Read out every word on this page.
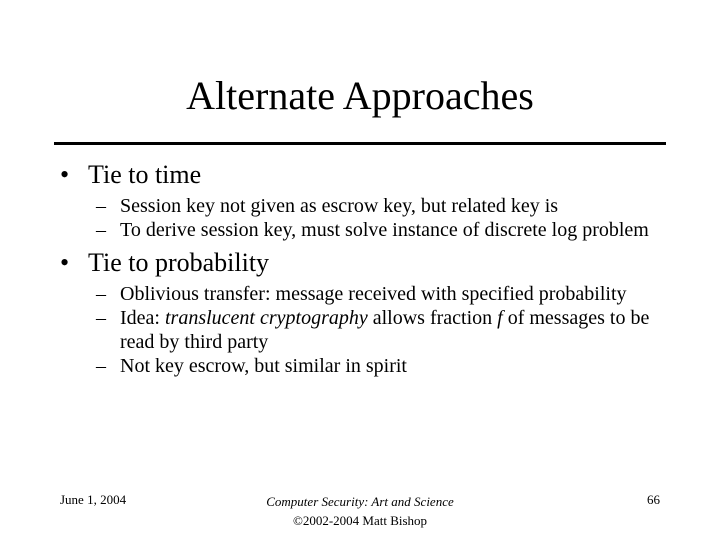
Alternate Approaches
• Tie to time
– Session key not given as escrow key, but related key is
– To derive session key, must solve instance of discrete log problem
• Tie to probability
– Oblivious transfer: message received with specified probability
– Idea: translucent cryptography allows fraction f of messages to be read by third party
– Not key escrow, but similar in spirit
June 1, 2004	Computer Security: Art and Science
©2002-2004 Matt Bishop
66
